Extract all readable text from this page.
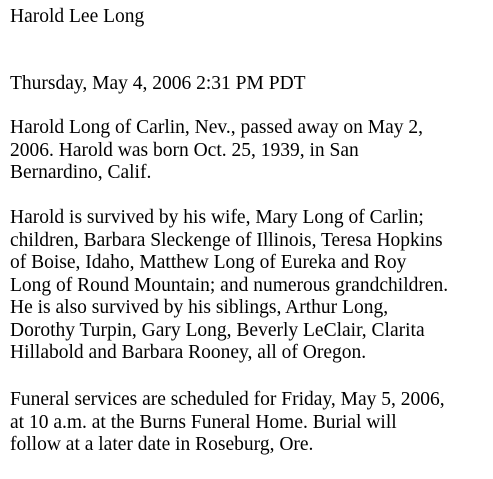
Harold Lee Long
Thursday, May 4, 2006 2:31 PM PDT
Harold Long of Carlin, Nev., passed away on May 2,
2006. Harold was born Oct. 25, 1939, in San
Bernardino, Calif.
Harold is survived by his wife, Mary Long of Carlin;
children, Barbara Sleckenge of Illinois, Teresa Hopkins
of Boise, Idaho, Matthew Long of Eureka and Roy
Long of Round Mountain; and numerous grandchildren.
He is also survived by his siblings, Arthur Long,
Dorothy Turpin, Gary Long, Beverly LeClair, Clarita
Hillabold and Barbara Rooney, all of Oregon.
Funeral services are scheduled for Friday, May 5, 2006,
at 10 a.m. at the Burns Funeral Home. Burial will
follow at a later date in Roseburg, Ore.
